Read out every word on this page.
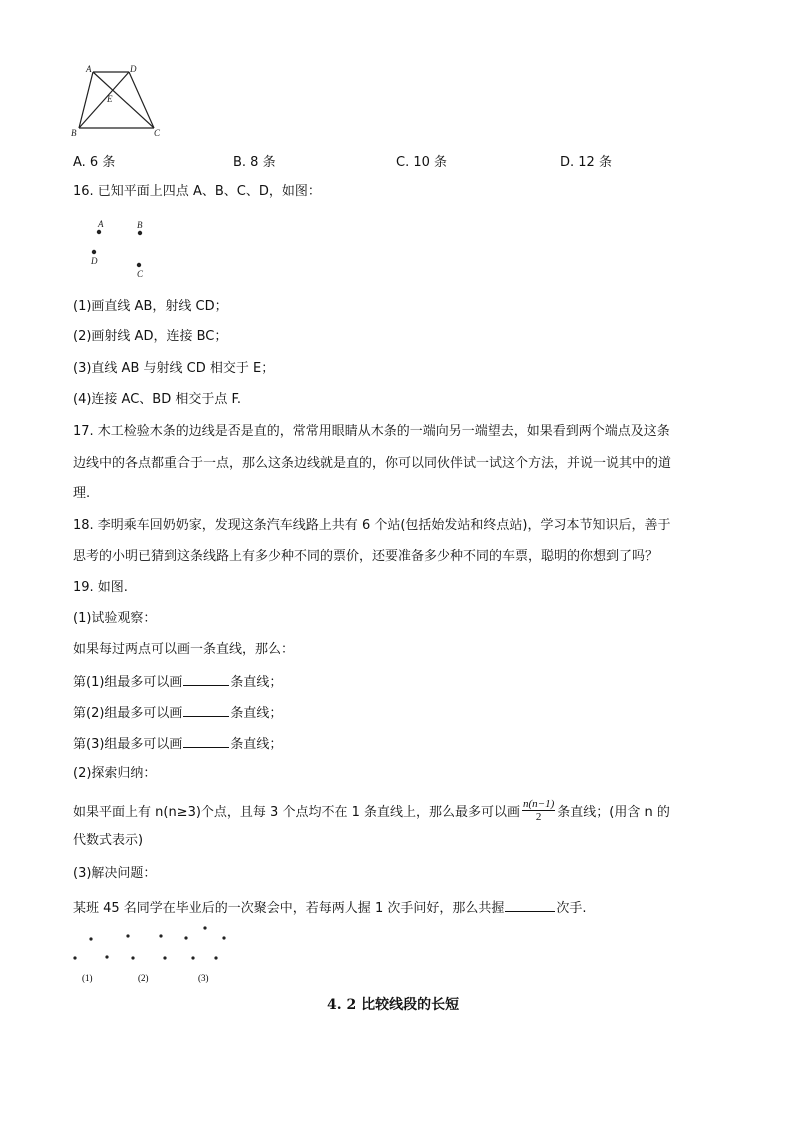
A	D
E
B	C
A. 6 条	B. 8 条	C. 10 条	D. 12 条
16. 已知平面上四点 A、B、C、D，如图：
A	B
D
C
(1)画直线 AB，射线 CD；
(2)画射线 AD，连接 BC；
(3)直线 AB 与射线 CD 相交于 E；
(4)连接 AC、BD 相交于点 F.
17. 木工检验木条的边线是否是直的，常常用眼睛从木条的一端向另一端望去，如果看到两个端点及这条
边线中的各点都重合于一点，那么这条边线就是直的，你可以同伙伴试一试这个方法，并说一说其中的道
理.
18. 李明乘车回奶奶家，发现这条汽车线路上共有 6 个站(包括始发站和终点站)，学习本节知识后，善于
思考的小明已猜到这条线路上有多少种不同的票价，还要准备多少种不同的车票，聪明的你想到了吗？
19. 如图.
(1)试验观察：
如果每过两点可以画一条直线，那么：
第(1)组最多可以画	条直线；
第(2)组最多可以画	条直线；
第(3)组最多可以画	条直线；
(2)探索归纳：
如果平面上有 n(n≥3)个点，且每 3 个点均不在 1 条直线上，那么最多可以画 $\frac{n(n-1)}{2}$ 条直线；(用含 n 的
代数式表示)
(3)解决问题：
某班 45 名同学在毕业后的一次聚会中，若每两人握 1 次手问好，那么共握	次手.
(1)	(2)	(3)
4. 2 比较线段的长短
